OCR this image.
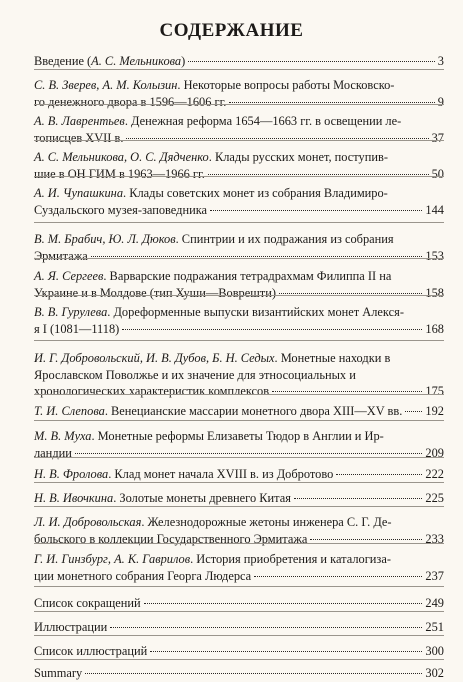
СОДЕРЖАНИЕ
Введение (А. С. Мельникова)	3
С. В. Зверев, А. М. Колызин. Некоторые вопросы работы Московско-
го денежного двора в 1596—1606 гг.	9
А. В. Лаврентьев. Денежная реформа 1654—1663 гг. в освещении ле-
тописцев XVII в.	37
А. С. Мельникова, О. С. Дядченко. Клады русских монет, поступив-
шие в ОН ГИМ в 1963—1966 гг.	50
А. И. Чупашкина. Клады советских монет из собрания Владимиро-
Суздальского музея-заповедника	144
В. М. Брабич, Ю. Л. Дюков. Спинтрии и их подражания из собрания
Эрмитажа	153
А. Я. Сергеев. Варварские подражания тетрадрахмам Филиппа II на
Украине и в Молдове (тип Хуши—Воврешти)	158
В. В. Гурулева. Дореформенные выпуски византийских монет Алекся-
я I (1081—1118)	168
И. Г. Добровольский, И. В. Дубов, Б. Н. Седых. Монетные находки в
Ярославском Поволжье и их значение для этносоциальных и
хронологических характеристик комплексов	175
Т. И. Слепова. Венецианские массарии монетного двора XIII—XV вв. 192
М. В. Муха. Монетные реформы Елизаветы Тюдор в Англии и Ир-
ландии	209
Н. В. Фролова. Клад монет начала XVIII в. из Добротово	222
Н. В. Ивочкина. Золотые монеты древнего Китая	225
Л. И. Добровольская. Железнодорожные жетоны инженера С. Г. Де-
больского в коллекции Государственного Эрмитажа	233
Г. И. Гинзбург, А. К. Гаврилов. История приобретения и каталогиза-
ции монетного собрания Георга Людерса	237
Список сокращений	249
Иллюстрации	251
Список иллюстраций	300
Summary	302
